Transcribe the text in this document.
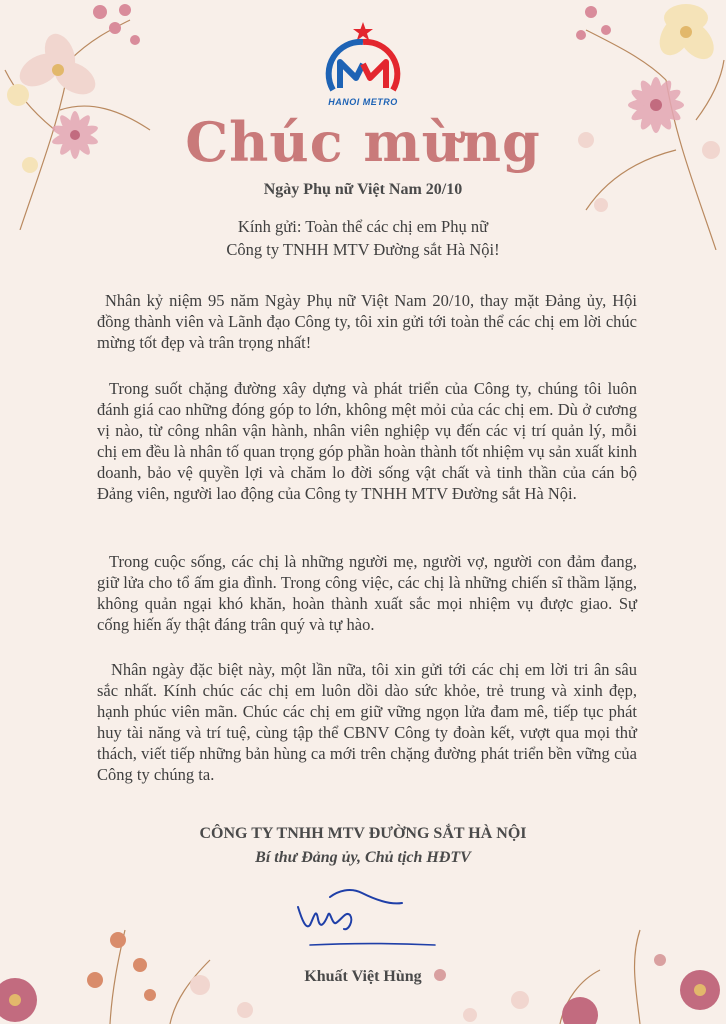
HANOI METRO
Chúc mừng
Ngày Phụ nữ Việt Nam 20/10
Kính gửi: Toàn thể các chị em Phụ nữ
Công ty TNHH MTV Đường sắt Hà Nội!
Nhân kỷ niệm 95 năm Ngày Phụ nữ Việt Nam 20/10, thay mặt Đảng ủy, Hội đồng thành viên và Lãnh đạo Công ty, tôi xin gửi tới toàn thể các chị em lời chúc mừng tốt đẹp và trân trọng nhất!
Trong suốt chặng đường xây dựng và phát triển của Công ty, chúng tôi luôn đánh giá cao những đóng góp to lớn, không mệt mỏi của các chị em. Dù ở cương vị nào, từ công nhân vận hành, nhân viên nghiệp vụ đến các vị trí quản lý, mỗi chị em đều là nhân tố quan trọng góp phần hoàn thành tốt nhiệm vụ sản xuất kinh doanh, bảo vệ quyền lợi và chăm lo đời sống vật chất và tinh thần của cán bộ Đảng viên, người lao động của Công ty TNHH MTV Đường sắt Hà Nội.
Trong cuộc sống, các chị là những người mẹ, người vợ, người con đảm đang, giữ lửa cho tổ ấm gia đình. Trong công việc, các chị là những chiến sĩ thầm lặng, không quản ngại khó khăn, hoàn thành xuất sắc mọi nhiệm vụ được giao. Sự cống hiến ấy thật đáng trân quý và tự hào.
Nhân ngày đặc biệt này, một lần nữa, tôi xin gửi tới các chị em lời tri ân sâu sắc nhất. Kính chúc các chị em luôn dồi dào sức khỏe, trẻ trung và xinh đẹp, hạnh phúc viên mãn. Chúc các chị em giữ vững ngọn lửa đam mê, tiếp tục phát huy tài năng và trí tuệ, cùng tập thể CBNV Công ty đoàn kết, vượt qua mọi thử thách, viết tiếp những bản hùng ca mới trên chặng đường phát triển bền vững của Công ty chúng ta.
CÔNG TY TNHH MTV ĐƯỜNG SẮT HÀ NỘI
Bí thư Đảng ủy, Chủ tịch HĐTV
Khuất Việt Hùng
